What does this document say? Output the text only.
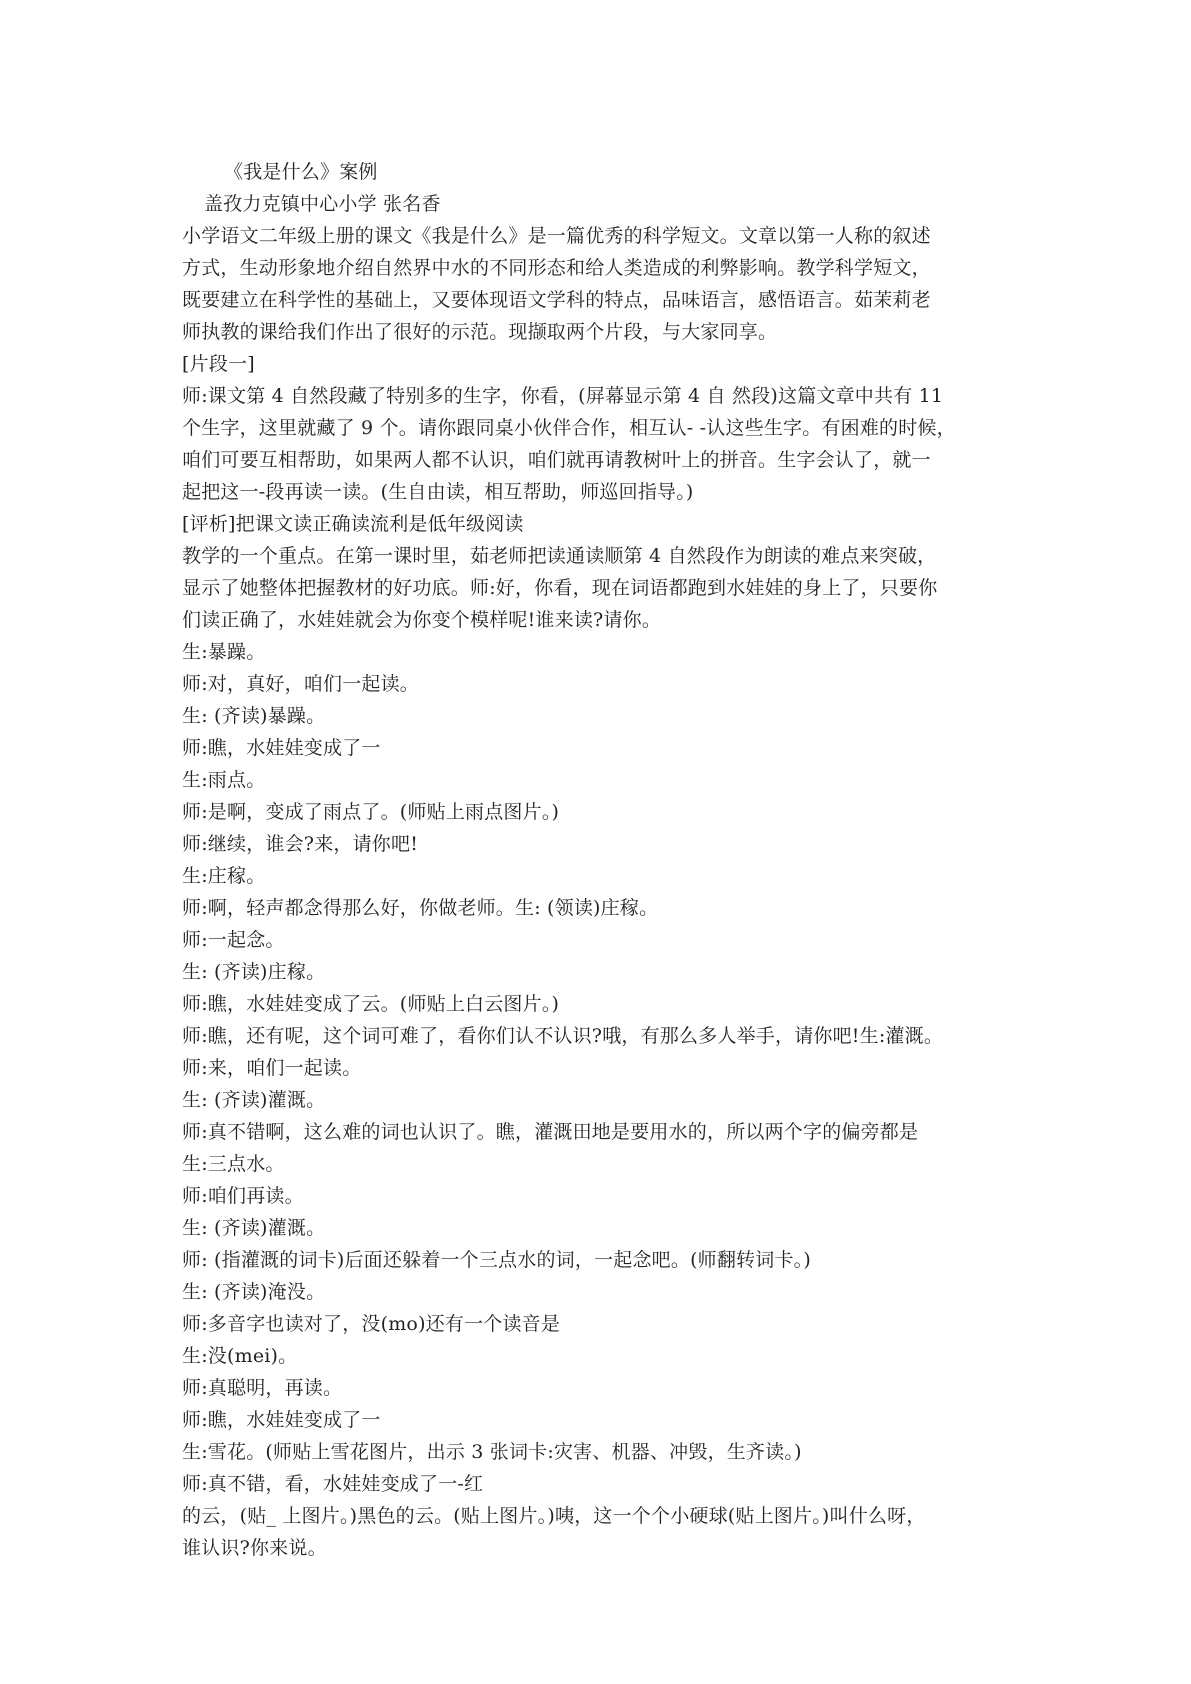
《我是什么》案例
盖孜力克镇中心小学 张名香
小学语文二年级上册的课文《我是什么》是一篇优秀的科学短文。文章以第一人称的叙述
方式，生动形象地介绍自然界中水的不同形态和给人类造成的利弊影响。教学科学短文，
既要建立在科学性的基础上，又要体现语文学科的特点，品味语言，感悟语言。茹茉莉老
师执教的课给我们作出了很好的示范。现撷取两个片段，与大家同享。
[片段一]
师:课文第 4 自然段藏了特别多的生字，你看，(屏幕显示第 4 自 然段)这篇文章中共有 11
个生字，这里就藏了 9 个。请你跟同桌小伙伴合作，相互认- -认这些生字。有困难的时候，
咱们可要互相帮助，如果两人都不认识，咱们就再请教树叶上的拼音。生字会认了，就一
起把这一-段再读一读。(生自由读，相互帮助，师巡回指导。)
[评析]把课文读正确读流利是低年级阅读
教学的一个重点。在第一课时里，茹老师把读通读顺第 4 自然段作为朗读的难点来突破，
显示了她整体把握教材的好功底。师:好，你看，现在词语都跑到水娃娃的身上了，只要你
们读正确了，水娃娃就会为你变个模样呢!谁来读?请你。
生:暴躁。
师:对，真好，咱们一起读。
生: (齐读)暴躁。
师:瞧，水娃娃变成了一
生:雨点。
师:是啊，变成了雨点了。(师贴上雨点图片。)
师:继续，谁会?来，请你吧!
生:庄稼。
师:啊，轻声都念得那么好，你做老师。生: (领读)庄稼。
师:一起念。
生: (齐读)庄稼。
师:瞧，水娃娃变成了云。(师贴上白云图片。)
师:瞧，还有呢，这个词可难了，看你们认不认识?哦，有那么多人举手，请你吧!生:灌溉。
师:来，咱们一起读。
生: (齐读)灌溉。
师:真不错啊，这么难的词也认识了。瞧，灌溉田地是要用水的，所以两个字的偏旁都是
生:三点水。
师:咱们再读。
生: (齐读)灌溉。
师: (指灌溉的词卡)后面还躲着一个三点水的词，一起念吧。(师翻转词卡。)
生: (齐读)淹没。
师:多音字也读对了，没(mo)还有一个读音是
生:没(mei)。
师:真聪明，再读。
师:瞧，水娃娃变成了一
生:雪花。(师贴上雪花图片，出示 3 张词卡:灾害、机器、冲毁，生齐读。)
师:真不错，看，水娃娃变成了一-红
的云，(贴_ 上图片。)黑色的云。(贴上图片。)咦，这一个个小硬球(贴上图片。)叫什么呀，
谁认识?你来说。
